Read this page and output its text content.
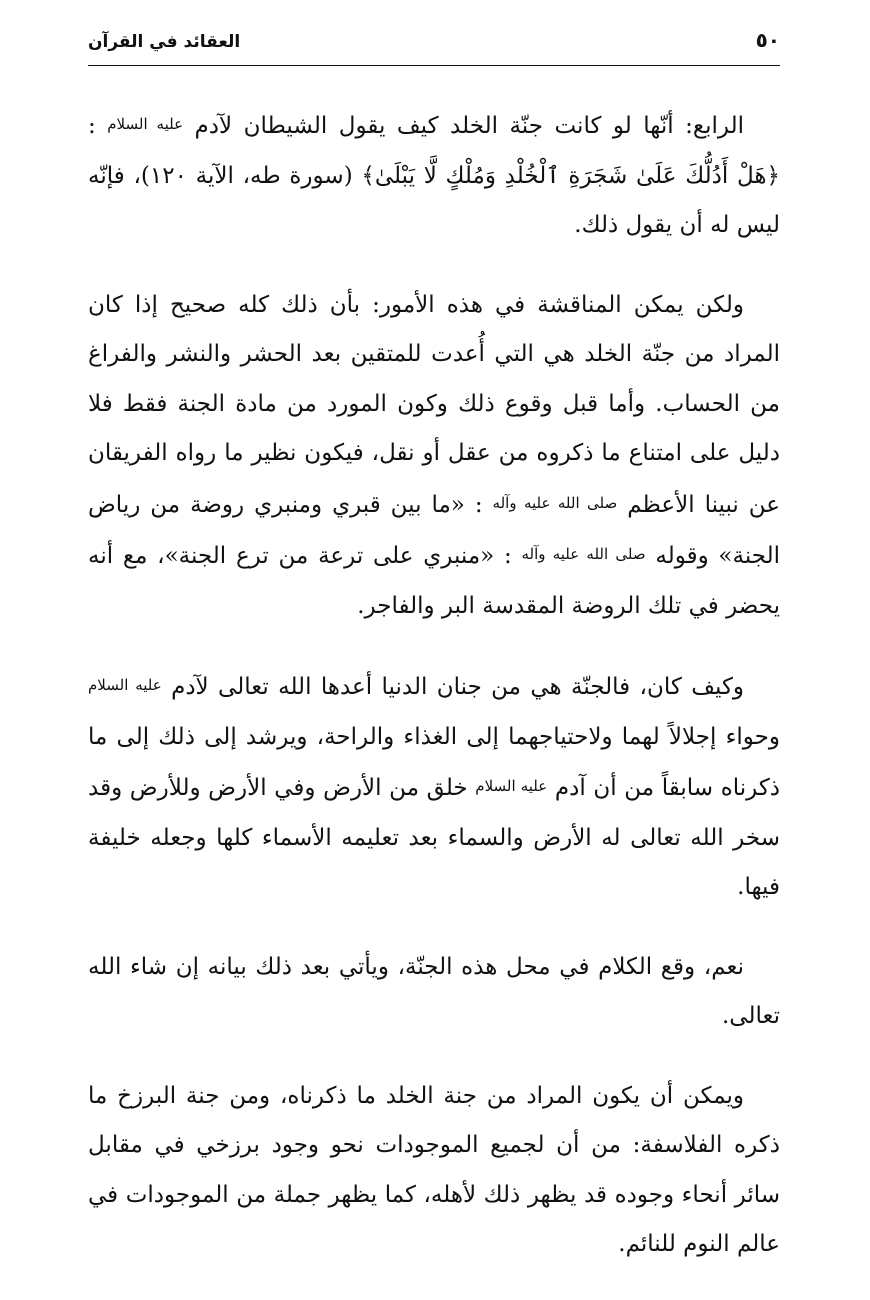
٥٠
العقائد في القرآن

الرابع: أنّها لو كانت جنّة الخلد كيف يقول الشيطان لآدم عليه السلام : ﴿هَلْ أَدُلُّكَ عَلَىٰ شَجَرَةِ ٱلْخُلْدِ وَمُلْكٍ لَّا يَبْلَىٰ﴾ (سورة طه، الآية ١٢٠)، فإنّه ليس له أن يقول ذلك.

ولكن يمكن المناقشة في هذه الأمور: بأن ذلك كله صحيح إذا كان المراد من جنّة الخلد هي التي أُعدت للمتقين بعد الحشر والنشر والفراغ من الحساب. وأما قبل وقوع ذلك وكون المورد من مادة الجنة فقط فلا دليل على امتناع ما ذكروه من عقل أو نقل، فيكون نظير ما رواه الفريقان عن نبينا الأعظم صلى الله عليه وآله : «ما بين قبري ومنبري روضة من رياض الجنة» وقوله صلى الله عليه وآله : «منبري على ترعة من ترع الجنة»، مع أنه يحضر في تلك الروضة المقدسة البر والفاجر.

وكيف كان، فالجنّة هي من جنان الدنيا أعدها الله تعالى لآدم عليه السلام وحواء إجلالاً لهما ولاحتياجهما إلى الغذاء والراحة، ويرشد إلى ذلك إلى ما ذكرناه سابقاً من أن آدم عليه السلام خلق من الأرض وفي الأرض وللأرض وقد سخر الله تعالى له الأرض والسماء بعد تعليمه الأسماء كلها وجعله خليفة فيها.

نعم، وقع الكلام في محل هذه الجنّة، ويأتي بعد ذلك بيانه إن شاء الله تعالى.

ويمكن أن يكون المراد من جنة الخلد ما ذكرناه، ومن جنة البرزخ ما ذكره الفلاسفة: من أن لجميع الموجودات نحو وجود برزخي في مقابل سائر أنحاء وجوده قد يظهر ذلك لأهله، كما يظهر جملة من الموجودات في عالم النوم للنائم.
